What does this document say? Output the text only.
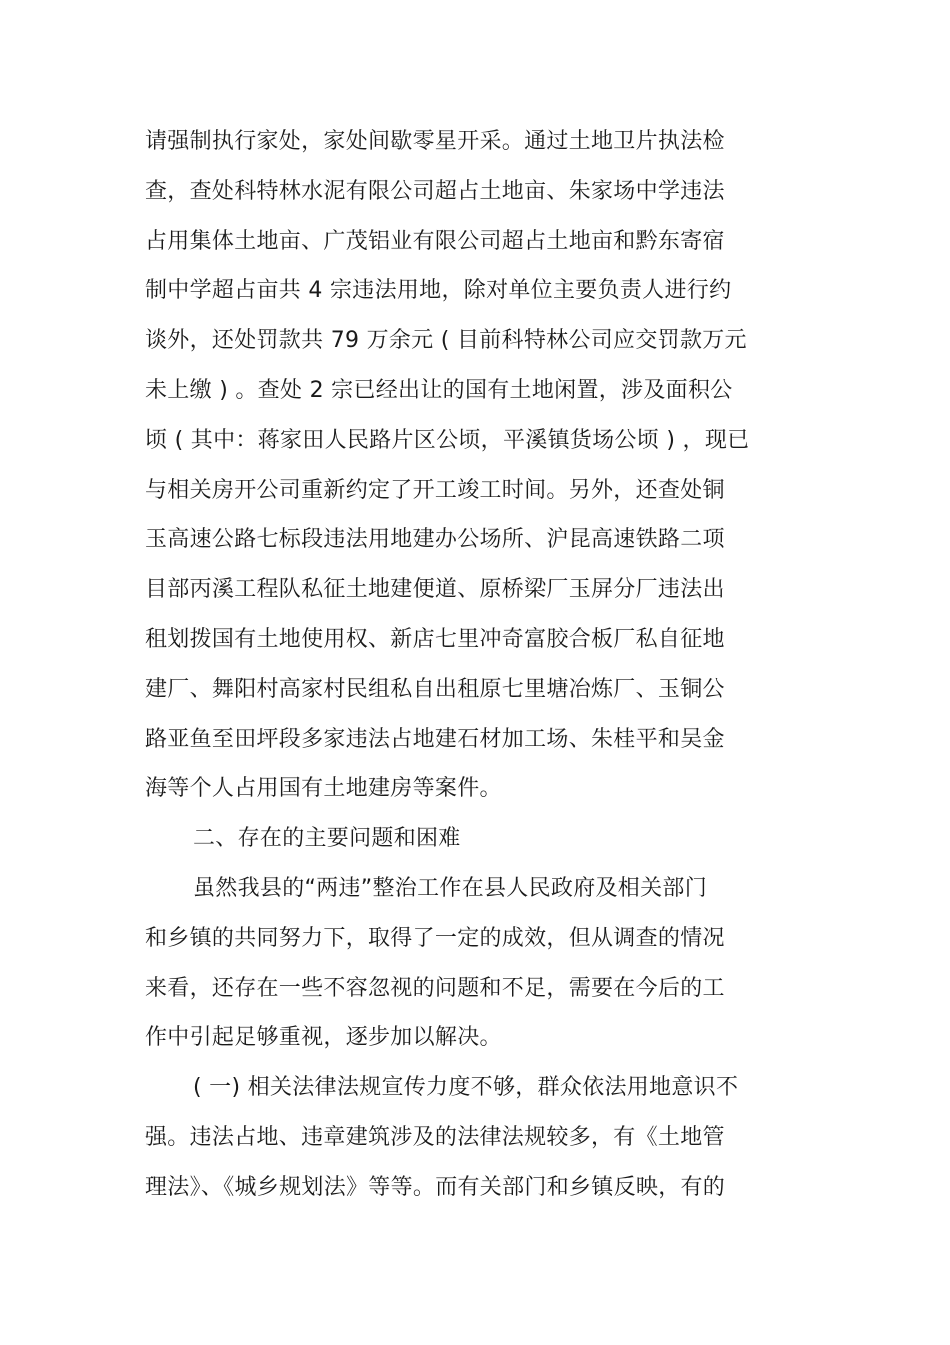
请强制执行家处，家处间歇零星开采。通过土地卫片执法检
查，查处科特林水泥有限公司超占土地亩、朱家场中学违法
占用集体土地亩、广茂铝业有限公司超占土地亩和黔东寄宿
制中学超占亩共 4 宗违法用地，除对单位主要负责人进行约
谈外，还处罚款共 79 万余元 ( 目前科特林公司应交罚款万元
未上缴 ) 。查处 2 宗已经出让的国有土地闲置，涉及面积公
顷 ( 其中：蒋家田人民路片区公顷，平溪镇货场公顷 ) ，现已
与相关房开公司重新约定了开工竣工时间。另外，还查处铜
玉高速公路七标段违法用地建办公场所、沪昆高速铁路二项
目部丙溪工程队私征土地建便道、原桥梁厂玉屏分厂违法出
租划拨国有土地使用权、新店七里冲奇富胶合板厂私自征地
建厂、舞阳村高家村民组私自出租原七里塘冶炼厂、玉铜公
路亚鱼至田坪段多家违法占地建石材加工场、朱桂平和吴金
海等个人占用国有土地建房等案件。
二、存在的主要问题和困难
虽然我县的“两违”整治工作在县人民政府及相关部门
和乡镇的共同努力下，取得了一定的成效，但从调查的情况
来看，还存在一些不容忽视的问题和不足，需要在今后的工
作中引起足够重视，逐步加以解决。
( 一) 相关法律法规宣传力度不够，群众依法用地意识不
强。违法占地、违章建筑涉及的法律法规较多，有《土地管
理法》、《城乡规划法》等等。而有关部门和乡镇反映，有的
